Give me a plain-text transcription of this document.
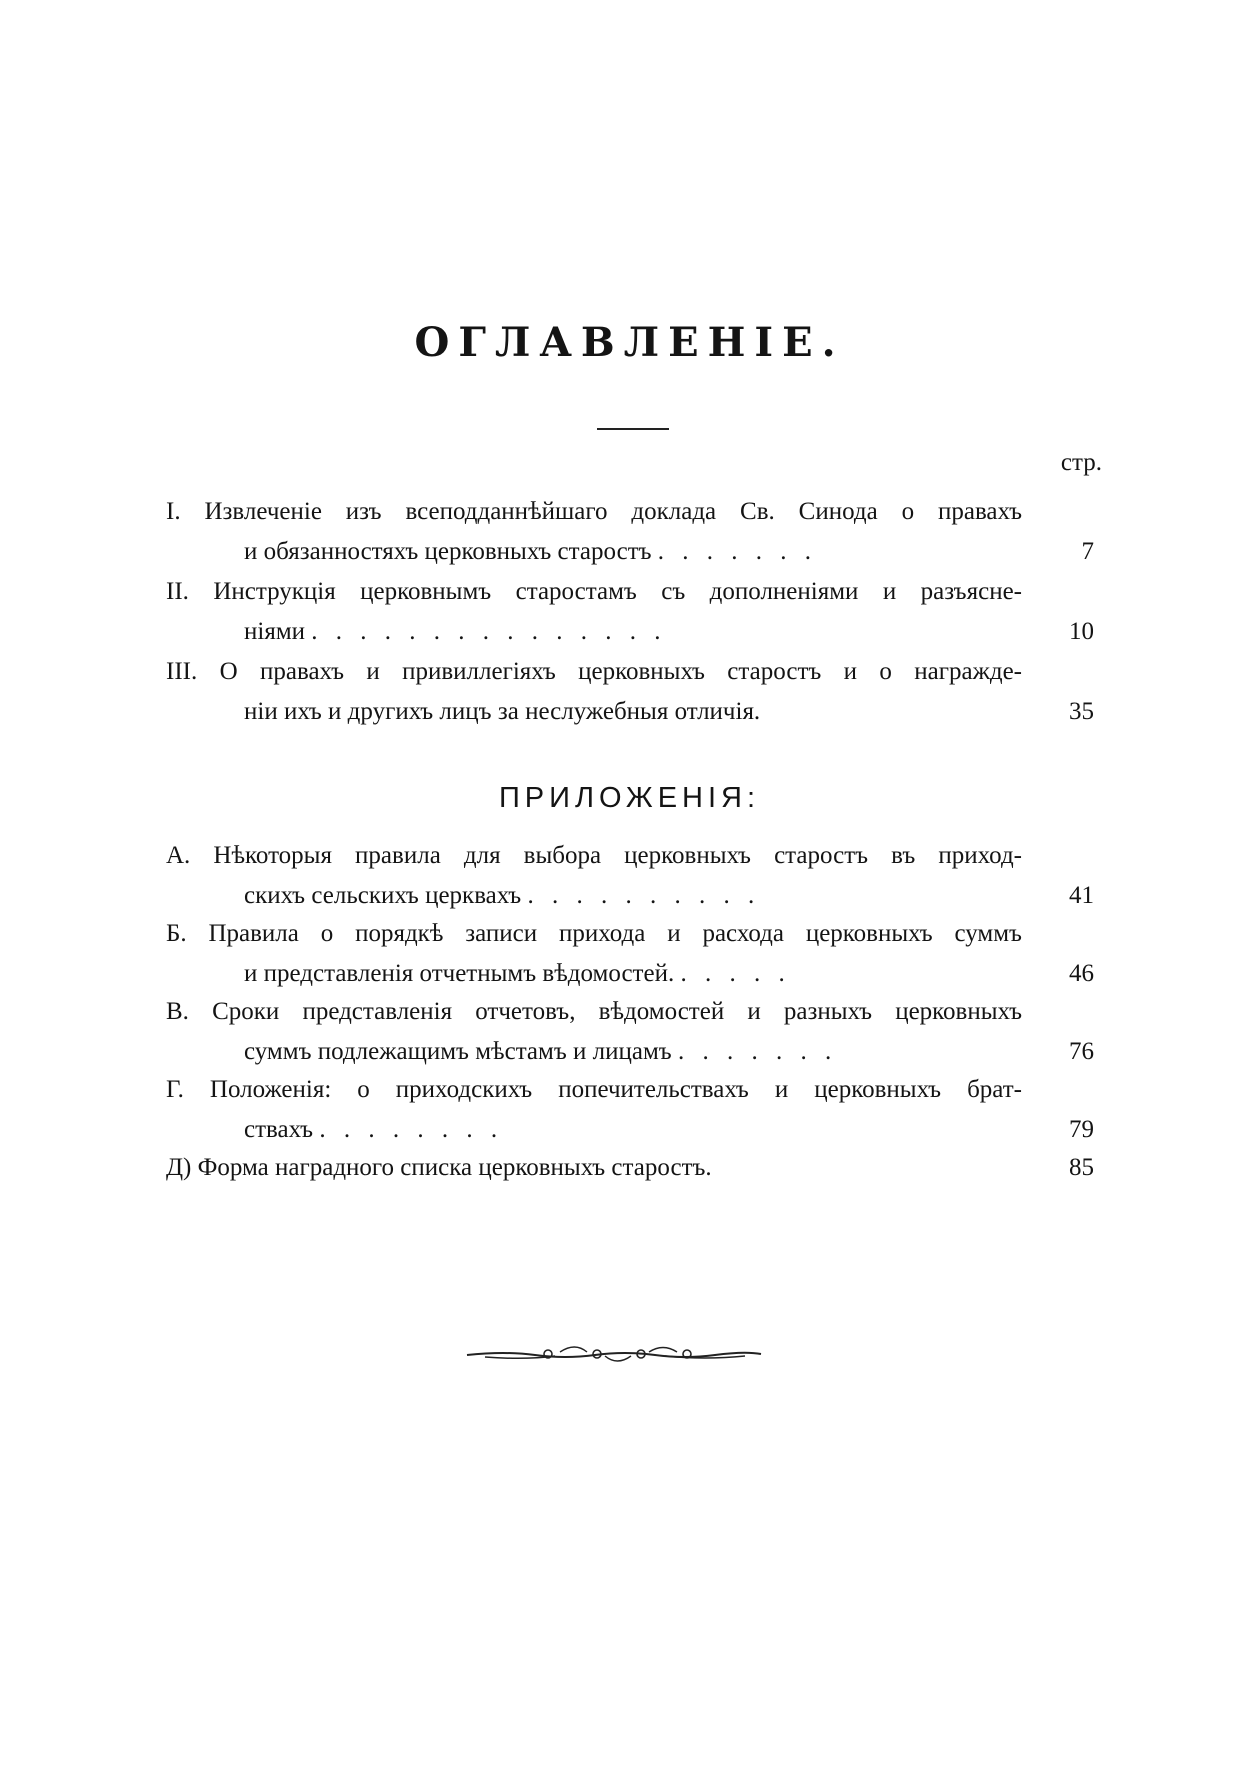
ОГЛАВЛЕНIЕ.
стр.
I. Извлеченiе изъ всеподданнѣйшаго доклада Св. Синода о правахъ
и обязанностяхъ церковныхъ старостъ . . . . . . .	7
II. Инструкцiя церковнымъ старостамъ съ дополненiями и разъясне-
нiями . . . . . . . . . . . . . . .	10
III. О правахъ и привиллегiяхъ церковныхъ старостъ и о награжде-
нiи ихъ и другихъ лицъ за неслужебныя отличiя.	35
ПРИЛОЖЕНIЯ:
А. Нѣкоторыя правила для выбора церковныхъ старостъ въ приход-
скихъ сельскихъ церквахъ . . . . . . . . . .	41
Б. Правила о порядкѣ записи прихода и расхода церковныхъ суммъ
и представленiя отчетнымъ вѣдомостей. . . . . .	46
В. Сроки представленiя отчетовъ, вѣдомостей и разныхъ церковныхъ
суммъ подлежащимъ мѣстамъ и лицамъ . . . . . . .	76
Г. Положенiя: о приходскихъ попечительствахъ и церковныхъ брат-
ствахъ . . . . . . . .	79
Д) Форма наградного списка церковныхъ старостъ.	85
